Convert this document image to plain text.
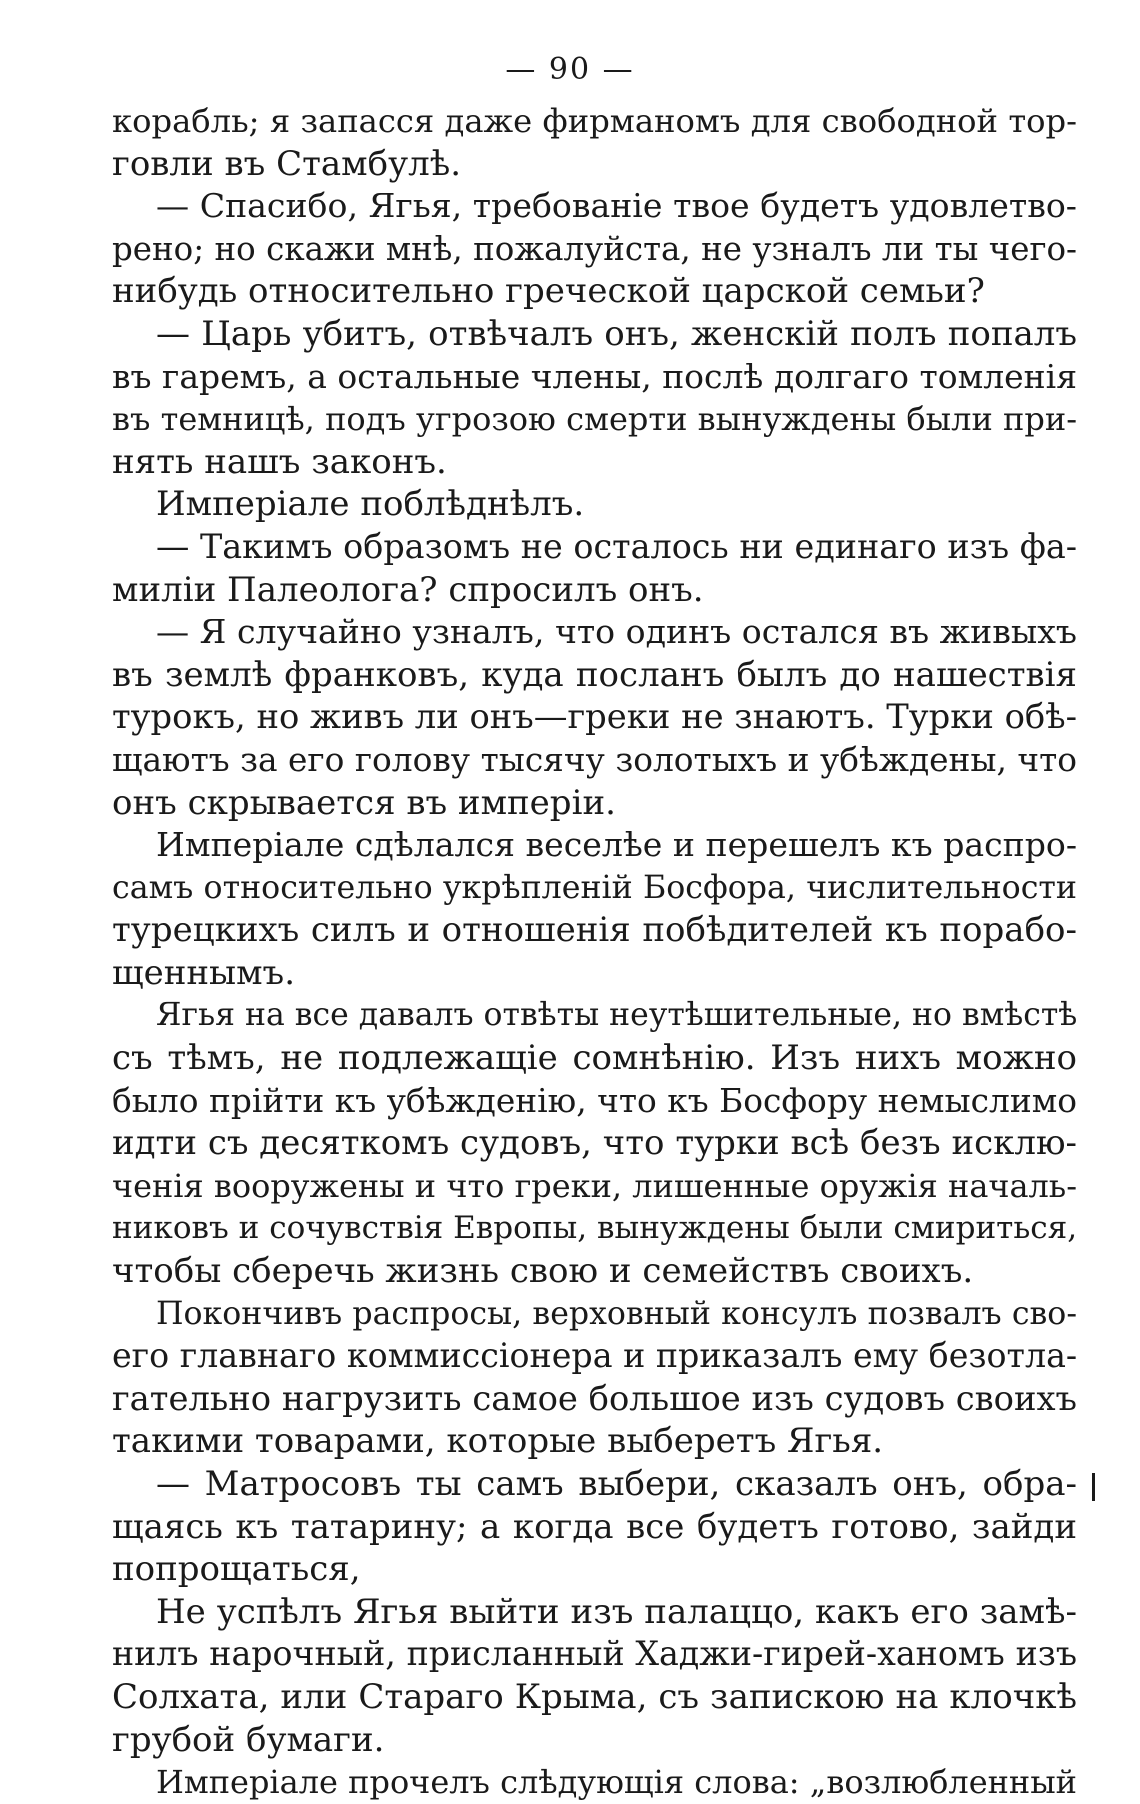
— 90 —
корабль; я запасся даже фирманомъ для свободной тор-
говли въ Стамбулѣ.
— Спасибо, Ягья, требованіе твое будетъ удовлетво-
рено; но скажи мнѣ, пожалуйста, не узналъ ли ты чего-
нибудь относительно греческой царской семьи?
— Царь убитъ, отвѣчалъ онъ, женскій полъ попалъ
въ гаремъ, а остальные члены, послѣ долгаго томленія
въ темницѣ, подъ угрозою смерти вынуждены были при-
нять нашъ законъ.
Имперіале поблѣднѣлъ.
— Такимъ образомъ не осталось ни единаго изъ фа-
миліи Палеолога? спросилъ онъ.
— Я случайно узналъ, что одинъ остался въ живыхъ
въ землѣ франковъ, куда посланъ былъ до нашествія
турокъ, но живъ ли онъ—греки не знаютъ. Турки обѣ-
щаютъ за его голову тысячу золотыхъ и убѣждены, что
онъ скрывается въ имперіи.
Имперіале сдѣлался веселѣе и перешелъ къ распро-
самъ относительно укрѣпленій Босфора, числительности
турецкихъ силъ и отношенія побѣдителей къ порабо-
щеннымъ.
Ягья на все давалъ отвѣты неутѣшительные, но вмѣстѣ
съ тѣмъ, не подлежащіе сомнѣнію. Изъ нихъ можно
было прійти къ убѣжденію, что къ Босфору немыслимо
идти съ десяткомъ судовъ, что турки всѣ безъ исклю-
ченія вооружены и что греки, лишенные оружія началь-
никовъ и сочувствія Европы, вынуждены были смириться,
чтобы сберечь жизнь свою и семействъ своихъ.
Покончивъ распросы, верховный консулъ позвалъ сво-
его главнаго коммиссіонера и приказалъ ему безотла-
гательно нагрузить самое большое изъ судовъ своихъ
такими товарами, которые выберетъ Ягья.
— Матросовъ ты самъ выбери, сказалъ онъ, обра-
щаясь къ татарину; а когда все будетъ готово, зайди
попрощаться,
Не успѣлъ Ягья выйти изъ палаццо, какъ его замѣ-
нилъ нарочный, присланный Хаджи-гирей-ханомъ изъ
Солхата, или Стараго Крыма, съ запискою на клочкѣ
грубой бумаги.
Имперіале прочелъ слѣдующія слова: „возлюбленный
